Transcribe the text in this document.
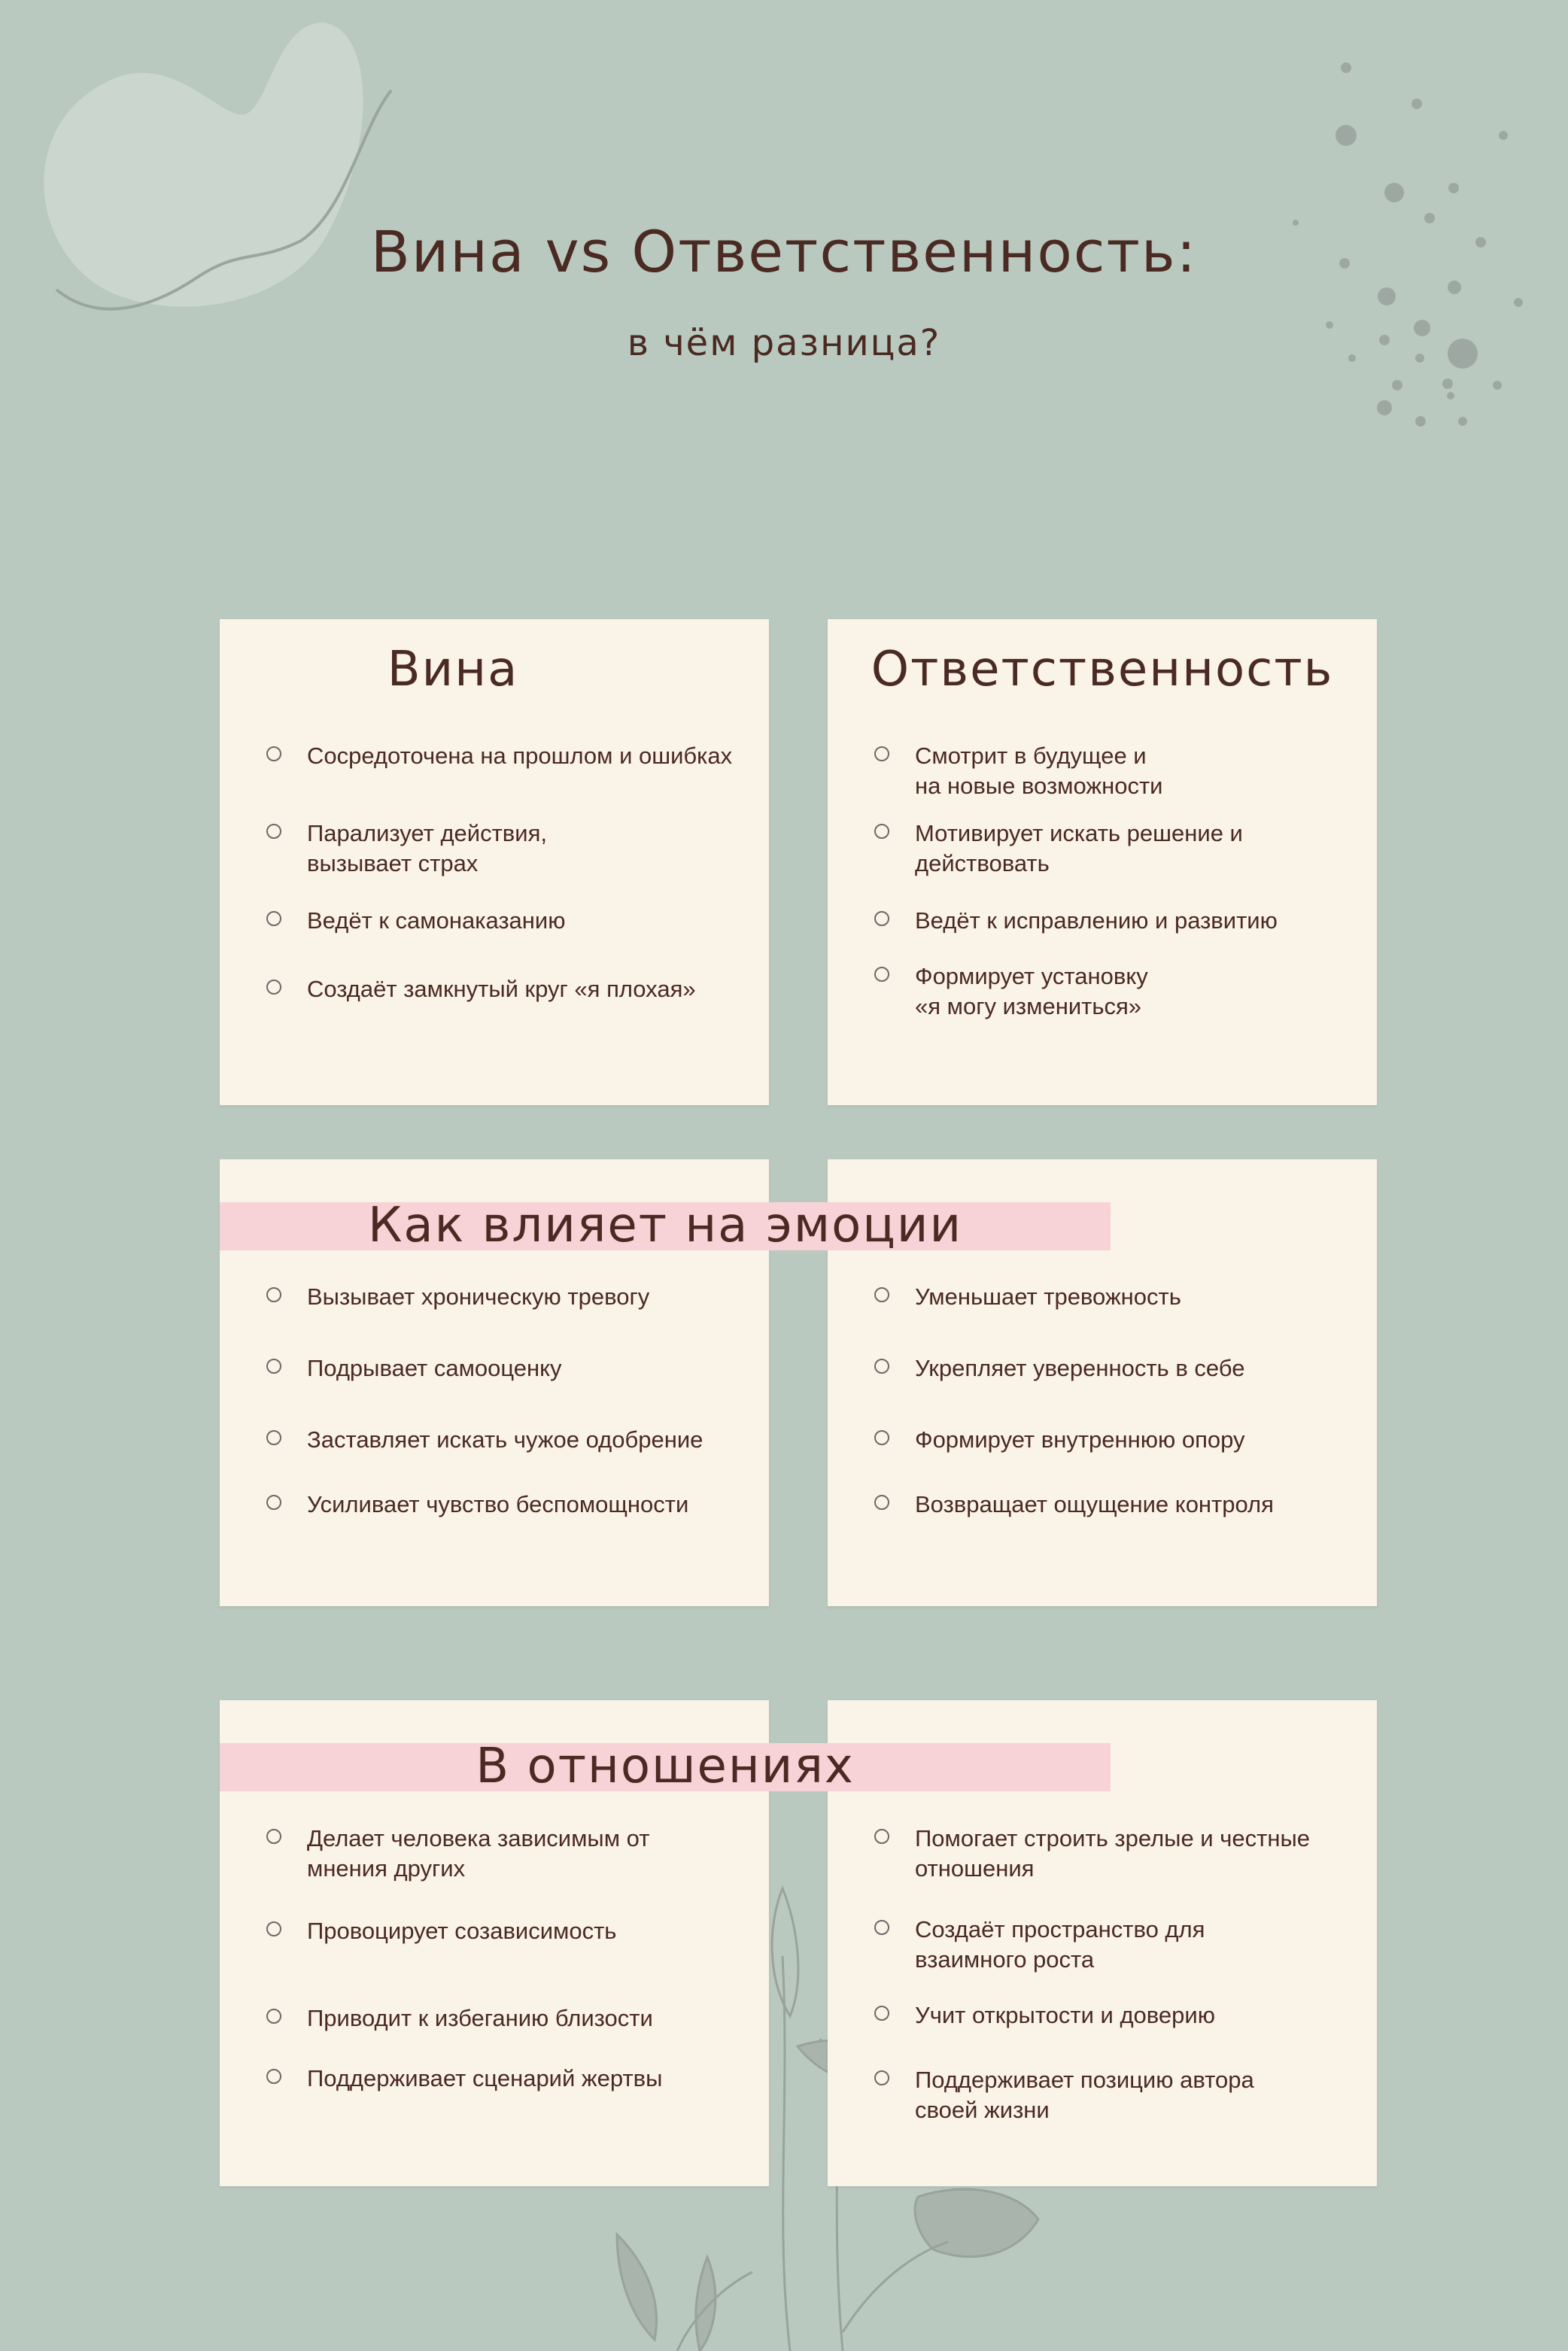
Вина vs Ответственность:
в чём разница?
Вина
Сосредоточена на прошлом и ошибках
Парализует действия,
вызывает страх
Ведёт к самонаказанию
Создаёт замкнутый круг «я плохая»
Ответственность
Смотрит в будущее и
на новые возможности
Мотивирует искать решение и
действовать
Ведёт к исправлению и развитию
Формирует установку
«я могу измениться»
Вызывает хроническую тревогу
Подрывает самооценку
Заставляет искать чужое одобрение
Усиливает чувство беспомощности
Уменьшает тревожность
Укрепляет уверенность в себе
Формирует внутреннюю опору
Возвращает ощущение контроля
Как влияет на эмоции
Делает человека зависимым от
мнения других
Провоцирует созависимость
Приводит к избеганию близости
Поддерживает сценарий жертвы
Помогает строить зрелые и честные
отношения
Создаёт пространство для
взаимного роста
Учит открытости и доверию
Поддерживает позицию автора
своей жизни
В отношениях
